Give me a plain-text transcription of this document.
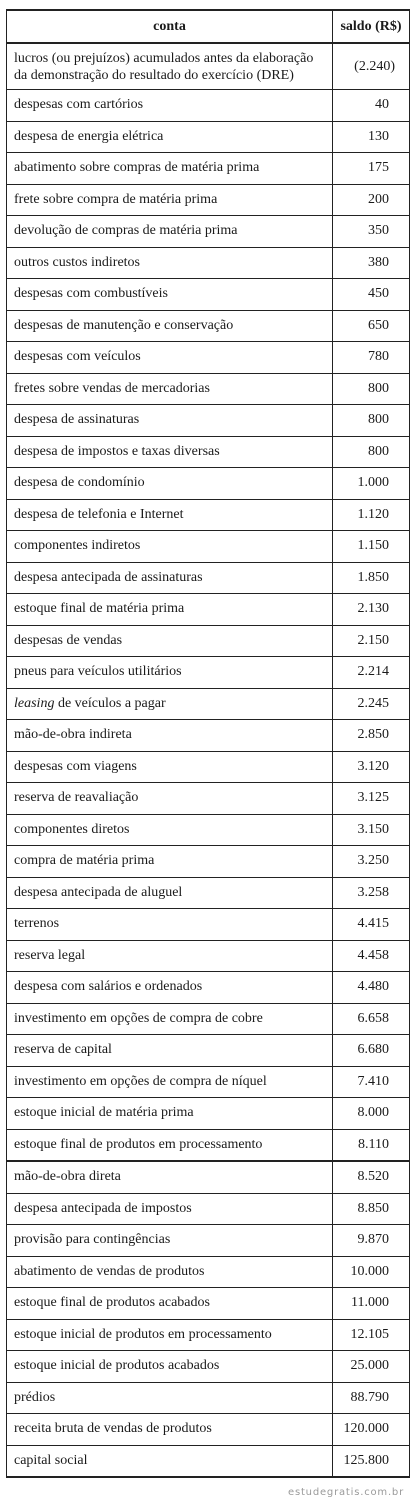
conta	saldo (R$)
lucros (ou prejuízos) acumulados antes da elaboração da demonstração do resultado do exercício (DRE)	(2.240)
despesas com cartórios	40
despesa de energia elétrica	130
abatimento sobre compras de matéria prima	175
frete sobre compra de matéria prima	200
devolução de compras de matéria prima	350
outros custos indiretos	380
despesas com combustíveis	450
despesas de manutenção e conservação	650
despesas com veículos	780
fretes sobre vendas de mercadorias	800
despesa de assinaturas	800
despesa de impostos e taxas diversas	800
despesa de condomínio	1.000
despesa de telefonia e Internet	1.120
componentes indiretos	1.150
despesa antecipada de assinaturas	1.850
estoque final de matéria prima	2.130
despesas de vendas	2.150
pneus para veículos utilitários	2.214
leasing de veículos a pagar	2.245
mão-de-obra indireta	2.850
despesas com viagens	3.120
reserva de reavaliação	3.125
componentes diretos	3.150
compra de matéria prima	3.250
despesa antecipada de aluguel	3.258
terrenos	4.415
reserva legal	4.458
despesa com salários e ordenados	4.480
investimento em opções de compra de cobre	6.658
reserva de capital	6.680
investimento em opções de compra de níquel	7.410
estoque inicial de matéria prima	8.000
estoque final de produtos em processamento	8.110
mão-de-obra direta	8.520
despesa antecipada de impostos	8.850
provisão para contingências	9.870
abatimento de vendas de produtos	10.000
estoque final de produtos acabados	11.000
estoque inicial de produtos em processamento	12.105
estoque inicial de produtos acabados	25.000
prédios	88.790
receita bruta de vendas de produtos	120.000
capital social	125.800
estudegratis.com.br
